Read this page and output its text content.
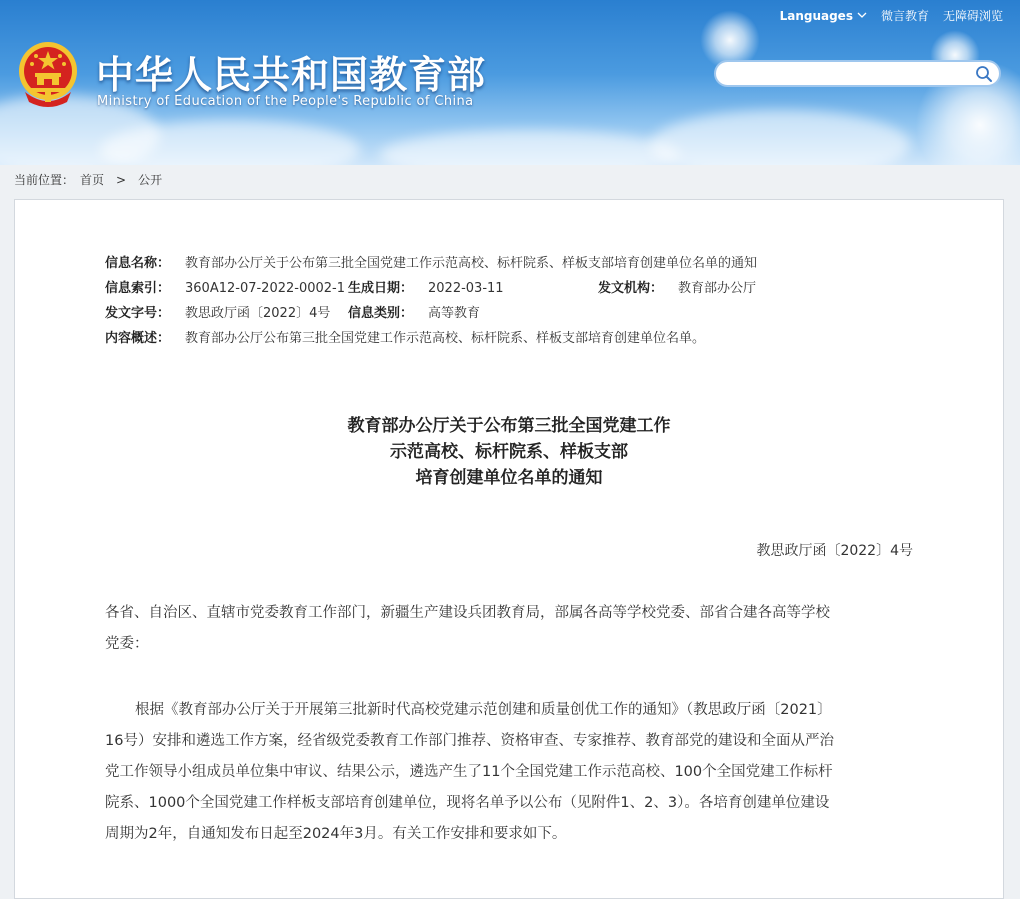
中华人民共和国教育部
Ministry of Education of the People's Republic of China
Languages 微言教育 无障碍浏览
当前位置： 首页 > 公开
信息名称： 教育部办公厅关于公布第三批全国党建工作示范高校、标杆院系、样板支部培育创建单位名单的通知
信息索引： 360A12-07-2022-0002-1 生成日期： 2022-03-11	发文机构： 教育部办公厅
发文字号： 教思政厅函〔2022〕4号 信息类别： 高等教育
内容概述： 教育部办公厅公布第三批全国党建工作示范高校、标杆院系、样板支部培育创建单位名单。
教育部办公厅关于公布第三批全国党建工作
示范高校、标杆院系、样板支部
培育创建单位名单的通知
教思政厅函〔2022〕4号
各省、自治区、直辖市党委教育工作部门，新疆生产建设兵团教育局，部属各高等学校党委、部省合建各高等学校
党委：
根据《教育部办公厅关于开展第三批新时代高校党建示范创建和质量创优工作的通知》（教思政厅函〔2021〕
16号）安排和遴选工作方案，经省级党委教育工作部门推荐、资格审查、专家推荐、教育部党的建设和全面从严治
党工作领导小组成员单位集中审议、结果公示，遴选产生了11个全国党建工作示范高校、100个全国党建工作标杆
院系、1000个全国党建工作样板支部培育创建单位，现将名单予以公布（见附件1、2、3）。各培育创建单位建设
周期为2年，自通知发布日起至2024年3月。有关工作安排和要求如下。
